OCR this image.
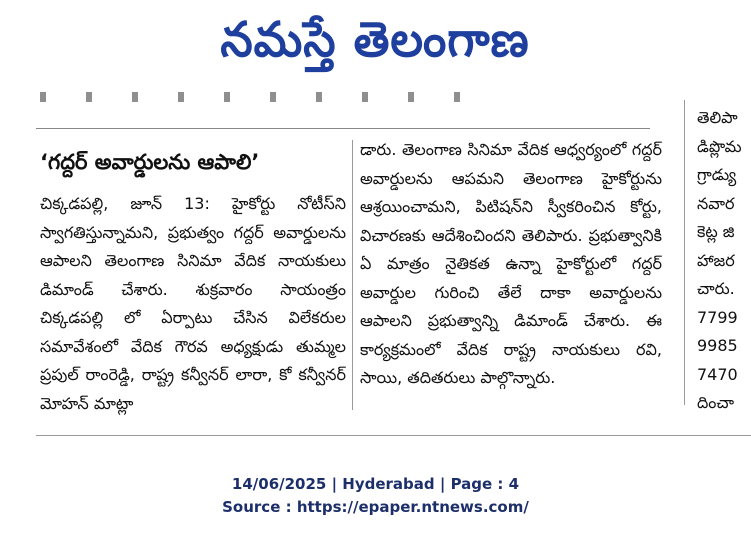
నమస్తే తెలంగాణ
‘గద్దర్ అవార్డులను ఆపాలి’

చిక్కడపల్లి, జూన్ 13: హైకోర్టు నోటీస్‌ని స్వాగతిస్తున్నామని, ప్రభుత్వం గద్దర్ అవార్డులను ఆపాలని తెలంగాణ సినిమా వేదిక నాయకులు డిమాండ్ చేశారు. శుక్రవారం సాయంత్రం చిక్కడపల్లి లో ఏర్పాటు చేసిన విలేకరుల సమావేశంలో వేదిక గౌరవ అధ్యక్షుడు తుమ్మల ప్రపుల్ రాంరెడ్డి, రాష్ట్ర కన్వీనర్ లారా, కో కన్వీనర్ మోహన్ మాట్లా

డారు. తెలంగాణ సినిమా వేదిక ఆధ్వర్యంలో గద్దర్ అవార్డులను ఆపమని తెలంగాణ హైకోర్టును ఆశ్రయించామని, పిటిషన్‌ని స్వీకరించిన కోర్టు, విచారణకు ఆదేశించిందని తెలిపారు. ప్రభుత్వానికి ఏ మాత్రం నైతికత ఉన్నా హైకోర్టులో గద్దర్ అవార్డుల గురించి తేలే దాకా అవార్డులను ఆపాలని ప్రభుత్వాన్ని డిమాండ్ చేశారు. ఈ కార్యక్రమంలో వేదిక రాష్ట్ర నాయకులు రవి, సాయి, తదితరులు పాల్గొన్నారు.

తెలిపా
డిప్లొమ
గ్రాడ్యు
నవార
కెట్ల జి
హాజర
చారు.
7799
9985
7470
దించా
14/06/2025 | Hyderabad | Page : 4
Source : https://epaper.ntnews.com/
